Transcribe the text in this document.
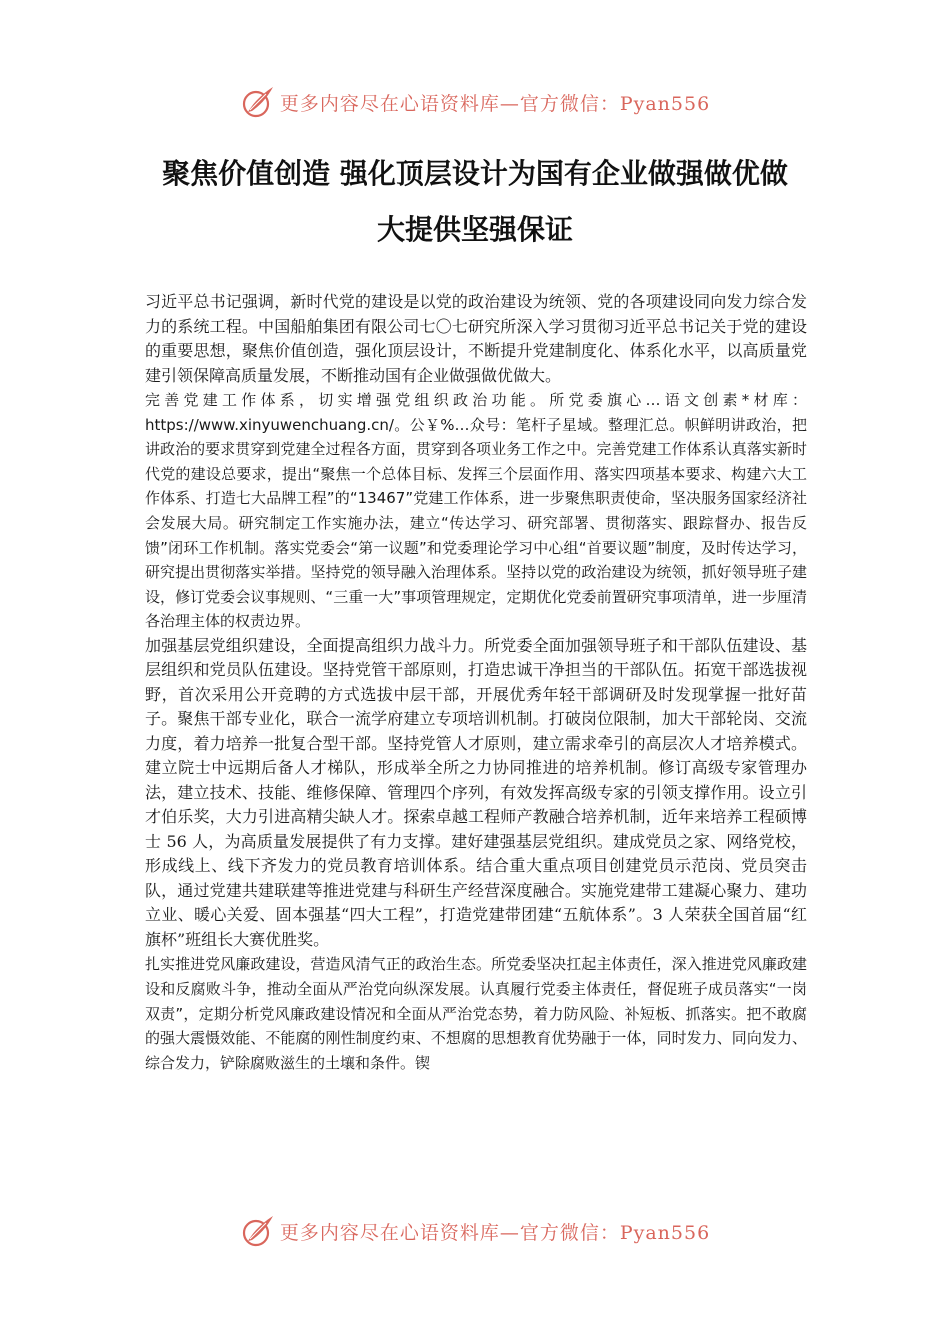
更多内容尽在心语资料库—官方微信：Pyan556
聚焦价值创造 强化顶层设计为国有企业做强做优做
大提供坚强保证

习近平总书记强调，新时代党的建设是以党的政治建设为统领、党的各项建设同向发力综合发力的系统工程。中国船舶集团有限公司七〇七研究所深入学习贯彻习近平总书记关于党的建设的重要思想，聚焦价值创造，强化顶层设计，不断提升党建制度化、体系化水平，以高质量党建引领保障高质量发展，不断推动国有企业做强做优做大。

完善党建工作体系，切实增强党组织政治功能。所党委旗心…语文创素*材库：https://www.xinyuwenchuang.cn/。公￥%…众号：笔杆子星域。整理汇总。帜鲜明讲政治，把讲政治的要求贯穿到党建全过程各方面，贯穿到各项业务工作之中。完善党建工作体系认真落实新时代党的建设总要求，提出“聚焦一个总体目标、发挥三个层面作用、落实四项基本要求、构建六大工作体系、打造七大品牌工程”的“13467”党建工作体系，进一步聚焦职责使命，坚决服务国家经济社会发展大局。研究制定工作实施办法，建立“传达学习、研究部署、贯彻落实、跟踪督办、报告反馈”闭环工作机制。落实党委会“第一议题”和党委理论学习中心组“首要议题”制度，及时传达学习，研究提出贯彻落实举措。坚持党的领导融入治理体系。坚持以党的政治建设为统领，抓好领导班子建设，修订党委会议事规则、“三重一大”事项管理规定，定期优化党委前置研究事项清单，进一步厘清各治理主体的权责边界。

加强基层党组织建设，全面提高组织力战斗力。所党委全面加强领导班子和干部队伍建设、基层组织和党员队伍建设。坚持党管干部原则，打造忠诚干净担当的干部队伍。拓宽干部选拔视野，首次采用公开竞聘的方式选拔中层干部，开展优秀年轻干部调研及时发现掌握一批好苗子。聚焦干部专业化，联合一流学府建立专项培训机制。打破岗位限制，加大干部轮岗、交流力度，着力培养一批复合型干部。坚持党管人才原则，建立需求牵引的高层次人才培养模式。建立院士中远期后备人才梯队，形成举全所之力协同推进的培养机制。修订高级专家管理办法，建立技术、技能、维修保障、管理四个序列，有效发挥高级专家的引领支撑作用。设立引才伯乐奖，大力引进高精尖缺人才。探索卓越工程师产教融合培养机制，近年来培养工程硕博士 56 人，为高质量发展提供了有力支撑。建好建强基层党组织。建成党员之家、网络党校，形成线上、线下齐发力的党员教育培训体系。结合重大重点项目创建党员示范岗、党员突击队，通过党建共建联建等推进党建与科研生产经营深度融合。实施党建带工建凝心聚力、建功立业、暖心关爱、固本强基“四大工程”，打造党建带团建“五航体系”。3 人荣获全国首届“红旗杯”班组长大赛优胜奖。

扎实推进党风廉政建设，营造风清气正的政治生态。所党委坚决扛起主体责任，深入推进党风廉政建设和反腐败斗争，推动全面从严治党向纵深发展。认真履行党委主体责任，督促班子成员落实“一岗双责”，定期分析党风廉政建设情况和全面从严治党态势，着力防风险、补短板、抓落实。把不敢腐的强大震慑效能、不能腐的刚性制度约束、不想腐的思想教育优势融于一体，同时发力、同向发力、综合发力，铲除腐败滋生的土壤和条件。锲

更多内容尽在心语资料库—官方微信：Pyan556
